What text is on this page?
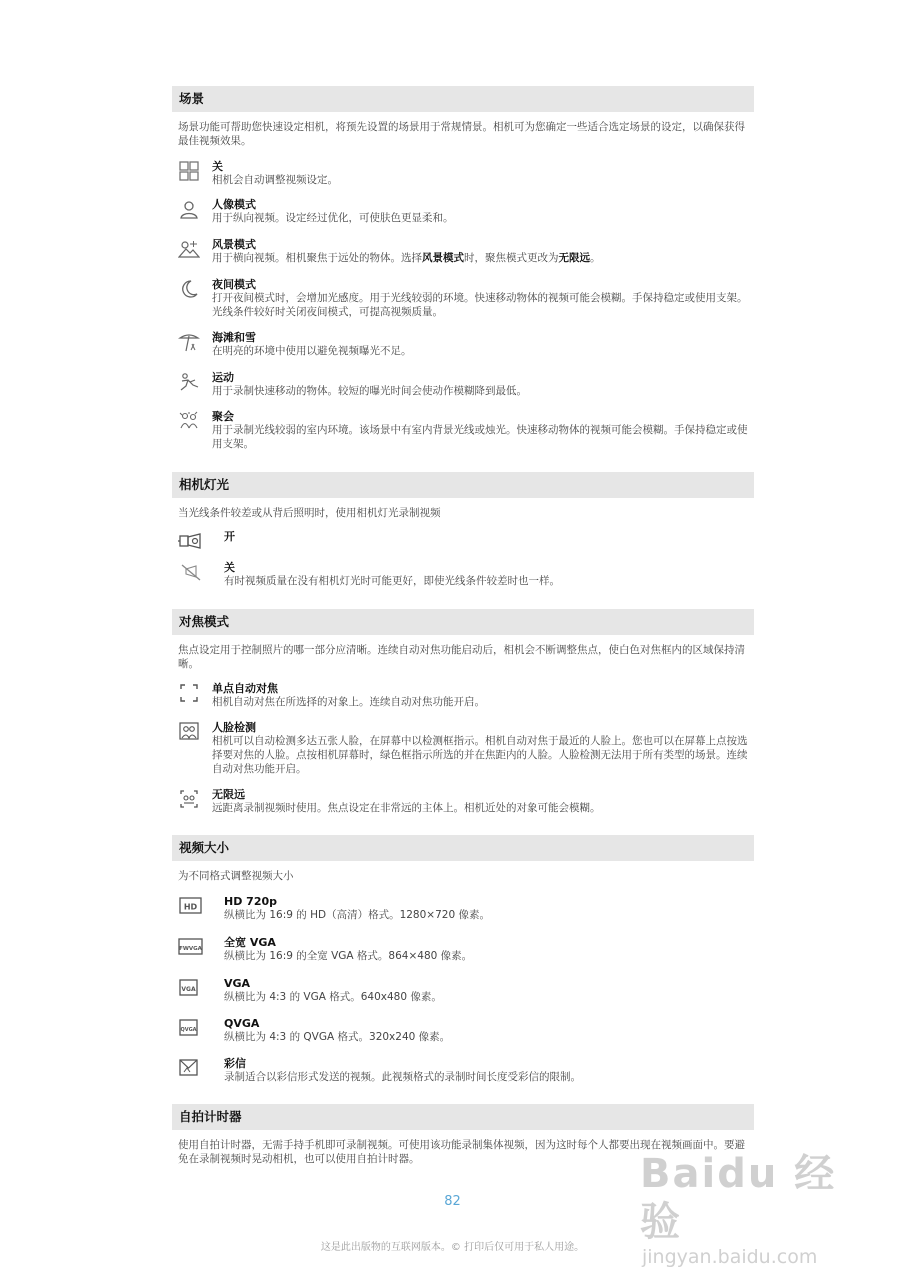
场景
场景功能可帮助您快速设定相机，将预先设置的场景用于常规情景。相机可为您确定一些适合选定场景的设定，以确保获得最佳视频效果。
关
相机会自动调整视频设定。
人像模式
用于纵向视频。设定经过优化，可使肤色更显柔和。
风景模式
用于横向视频。相机聚焦于远处的物体。选择风景模式时，聚焦模式更改为无限远。
夜间模式
打开夜间模式时，会增加光感度。用于光线较弱的环境。快速移动物体的视频可能会模糊。手保持稳定或使用支架。光线条件较好时关闭夜间模式，可提高视频质量。
海滩和雪
在明亮的环境中使用以避免视频曝光不足。
运动
用于录制快速移动的物体。较短的曝光时间会使动作模糊降到最低。
聚会
用于录制光线较弱的室内环境。该场景中有室内背景光线或烛光。快速移动物体的视频可能会模糊。手保持稳定或使用支架。
相机灯光
当光线条件较差或从背后照明时，使用相机灯光录制视频
开
关
有时视频质量在没有相机灯光时可能更好，即使光线条件较差时也一样。
对焦模式
焦点设定用于控制照片的哪一部分应清晰。连续自动对焦功能启动后，相机会不断调整焦点，使白色对焦框内的区域保持清晰。
单点自动对焦
相机自动对焦在所选择的对象上。连续自动对焦功能开启。
人脸检测
相机可以自动检测多达五张人脸，在屏幕中以检测框指示。相机自动对焦于最近的人脸上。您也可以在屏幕上点按选择要对焦的人脸。点按相机屏幕时，绿色框指示所选的并在焦距内的人脸。人脸检测无法用于所有类型的场景。连续自动对焦功能开启。
无限远
远距离录制视频时使用。焦点设定在非常远的主体上。相机近处的对象可能会模糊。
视频大小
为不同格式调整视频大小
HD HD 720p
纵横比为 16:9 的 HD（高清）格式。1280×720 像素。
FWVGA 全宽 VGA
纵横比为 16:9 的全宽 VGA 格式。864×480 像素。
VGA	VGA
纵横比为 4:3 的 VGA 格式。640x480 像素。
QVGA QVGA
纵横比为 4:3 的 QVGA 格式。320x240 像素。
彩信
录制适合以彩信形式发送的视频。此视频格式的录制时间长度受彩信的限制。
自拍计时器
使用自拍计时器，无需手持手机即可录制视频。可使用该功能录制集体视频，因为这时每个人都要出现在视频画面中。要避免在录制视频时晃动相机，也可以使用自拍计时器。	Baidu 经验
jingyan.baidu.com
82
这是此出版物的互联网版本。© 打印后仅可用于私人用途。
